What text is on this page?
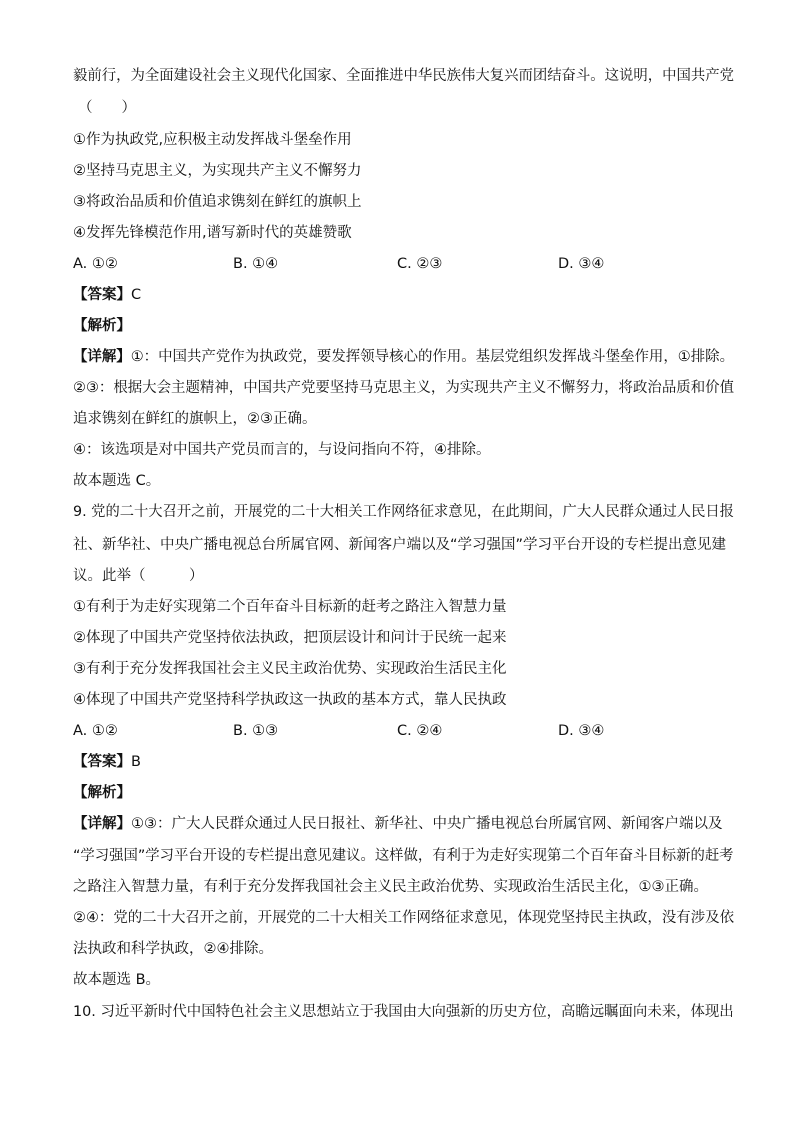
毅前行，为全面建设社会主义现代化国家、全面推进中华民族伟大复兴而团结奋斗。这说明，中国共产党
（　　）
①作为执政党,应积极主动发挥战斗堡垒作用
②坚持马克思主义，为实现共产主义不懈努力
③将政治品质和价值追求镌刻在鲜红的旗帜上
④发挥先锋模范作用,谱写新时代的英雄赞歌
A. ①②	B. ①④	C. ②③	D. ③④
【答案】C
【解析】
【详解】①：中国共产党作为执政党，要发挥领导核心的作用。基层党组织发挥战斗堡垒作用，①排除。
②③：根据大会主题精神，中国共产党要坚持马克思主义，为实现共产主义不懈努力，将政治品质和价值
追求镌刻在鲜红的旗帜上，②③正确。
④：该选项是对中国共产党员而言的，与设问指向不符，④排除。
故本题选 C。
9. 党的二十大召开之前，开展党的二十大相关工作网络征求意见，在此期间，广大人民群众通过人民日报
社、新华社、中央广播电视总台所属官网、新闻客户端以及“学习强国”学习平台开设的专栏提出意见建
议。此举（　　　）
①有利于为走好实现第二个百年奋斗目标新的赶考之路注入智慧力量
②体现了中国共产党坚持依法执政，把顶层设计和问计于民统一起来
③有利于充分发挥我国社会主义民主政治优势、实现政治生活民主化
④体现了中国共产党坚持科学执政这一执政的基本方式，靠人民执政
A. ①②	B. ①③	C. ②④	D. ③④
【答案】B
【解析】
【详解】①③：广大人民群众通过人民日报社、新华社、中央广播电视总台所属官网、新闻客户端以及
“学习强国”学习平台开设的专栏提出意见建议。这样做，有利于为走好实现第二个百年奋斗目标新的赶考
之路注入智慧力量，有利于充分发挥我国社会主义民主政治优势、实现政治生活民主化，①③正确。
②④：党的二十大召开之前，开展党的二十大相关工作网络征求意见，体现党坚持民主执政，没有涉及依
法执政和科学执政，②④排除。
故本题选 B。
10. 习近平新时代中国特色社会主义思想站立于我国由大向强新的历史方位，高瞻远瞩面向未来，体现出
